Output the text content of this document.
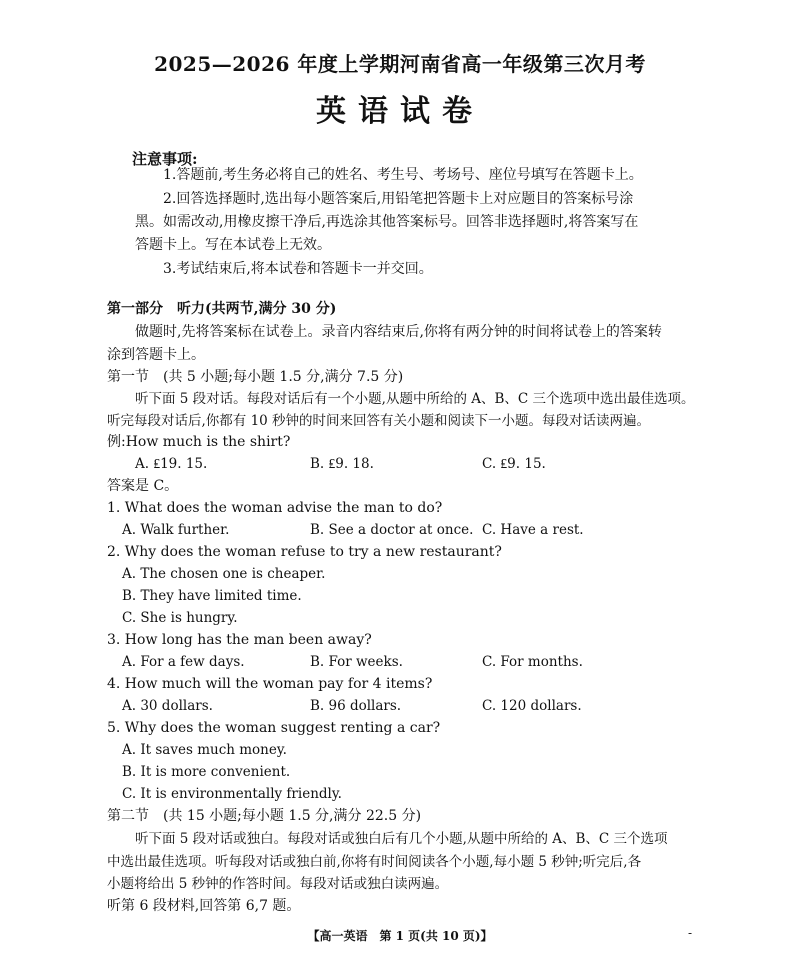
2025—2026 年度上学期河南省高一年级第三次月考
英语试卷
注意事项:
1.答题前,考生务必将自己的姓名、考生号、考场号、座位号填写在答题卡上。
2.回答选择题时,选出每小题答案后,用铅笔把答题卡上对应题目的答案标号涂
黑。如需改动,用橡皮擦干净后,再选涂其他答案标号。回答非选择题时,将答案写在
答题卡上。写在本试卷上无效。
3.考试结束后,将本试卷和答题卡一并交回。
第一部分　听力(共两节,满分 30 分)
做题时,先将答案标在试卷上。录音内容结束后,你将有两分钟的时间将试卷上的答案转
涂到答题卡上。
第一节　(共 5 小题;每小题 1.5 分,满分 7.5 分)
听下面 5 段对话。每段对话后有一个小题,从题中所给的 A、B、C 三个选项中选出最佳选项。
听完每段对话后,你都有 10 秒钟的时间来回答有关小题和阅读下一小题。每段对话读两遍。
例:How much is the shirt?
A. ₤19. 15.	B. ₤9. 18.	C. ₤9. 15.
答案是 C。
1. What does the woman advise the man to do?
A. Walk further.	B. See a doctor at once. C. Have a rest.
2. Why does the woman refuse to try a new restaurant?
A. The chosen one is cheaper.
B. They have limited time.
C. She is hungry.
3. How long has the man been away?
A. For a few days.	B. For weeks.	C. For months.
4. How much will the woman pay for 4 items?
A. 30 dollars.	B. 96 dollars.	C. 120 dollars.
5. Why does the woman suggest renting a car?
A. It saves much money.
B. It is more convenient.
C. It is environmentally friendly.
第二节　(共 15 小题;每小题 1.5 分,满分 22.5 分)
听下面 5 段对话或独白。每段对话或独白后有几个小题,从题中所给的 A、B、C 三个选项
中选出最佳选项。听每段对话或独白前,你将有时间阅读各个小题,每小题 5 秒钟;听完后,各
小题将给出 5 秒钟的作答时间。每段对话或独白读两遍。
听第 6 段材料,回答第 6,7 题。
【高一英语　第 1 页(共 10 页)】	-
